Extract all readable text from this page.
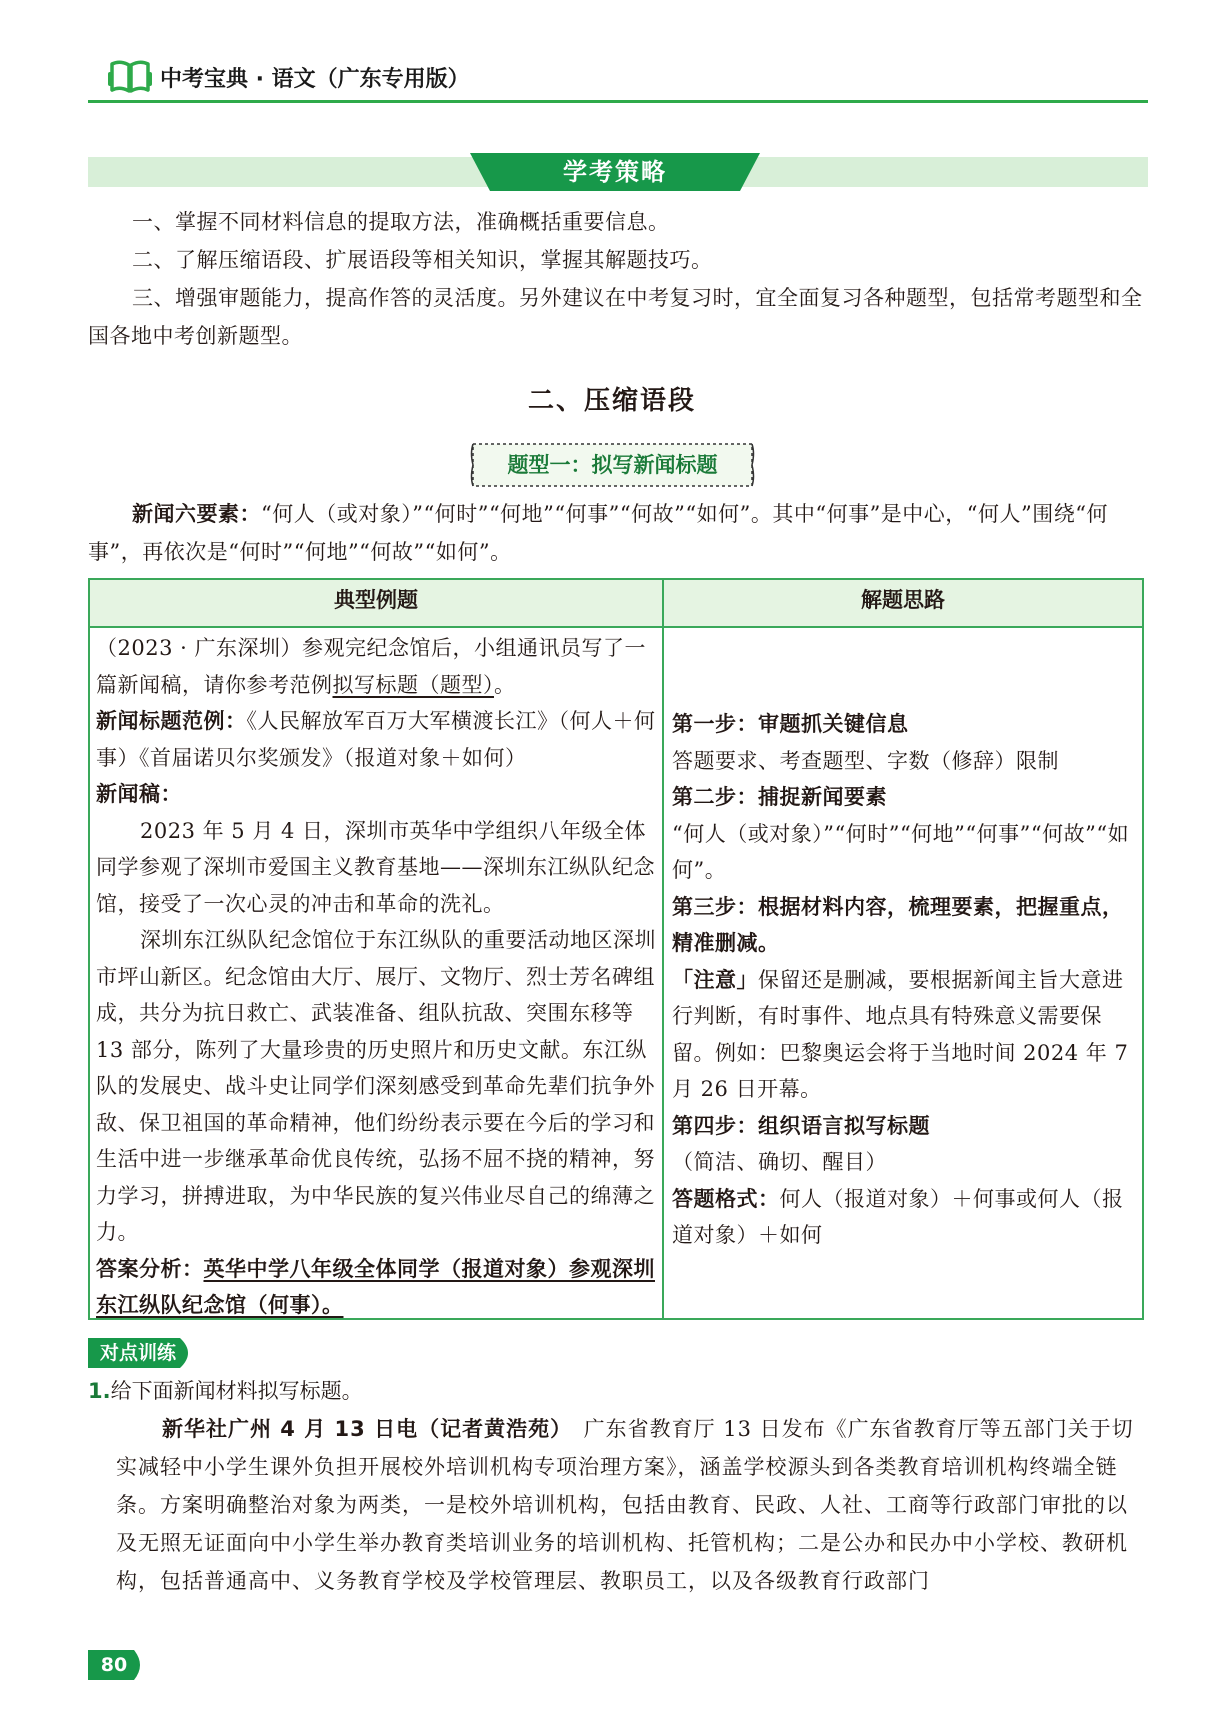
中考宝典 · 语文（广东专用版）
学考策略

一、掌握不同材料信息的提取方法，准确概括重要信息。

二、了解压缩语段、扩展语段等相关知识，掌握其解题技巧。

三、增强审题能力，提高作答的灵活度。另外建议在中考复习时，宜全面复习各种题型，包括常考题型和全国各地中考创新题型。

二、压缩语段
题型一：拟写新闻标题

新闻六要素：“何人（或对象）”“何时”“何地”“何事”“何故”“如何”。其中“何事”是中心，“何人”围绕“何事”，再依次是“何时”“何地”“何故”“如何”。

典型例题	解题思路

（2023 · 广东深圳）参观完纪念馆后，小组通讯员写了一篇新闻稿，请你参考范例拟写标题（题型）。

新闻标题范例：《人民解放军百万大军横渡长江》（何人＋何事）《首届诺贝尔奖颁发》（报道对象＋如何）

新闻稿：

2023 年 5 月 4 日，深圳市英华中学组织八年级全体同学参观了深圳市爱国主义教育基地——深圳东江纵队纪念馆，接受了一次心灵的冲击和革命的洗礼。

深圳东江纵队纪念馆位于东江纵队的重要活动地区深圳市坪山新区。纪念馆由大厅、展厅、文物厅、烈士芳名碑组成，共分为抗日救亡、武装准备、组队抗敌、突围东移等 13 部分，陈列了大量珍贵的历史照片和历史文献。东江纵队的发展史、战斗史让同学们深刻感受到革命先辈们抗争外敌、保卫祖国的革命精神，他们纷纷表示要在今后的学习和生活中进一步继承革命优良传统，弘扬不屈不挠的精神，努力学习，拼搏进取，为中华民族的复兴伟业尽自己的绵薄之力。

答案分析：英华中学八年级全体同学（报道对象）参观深圳东江纵队纪念馆（何事）。

第一步：审题抓关键信息

答题要求、考查题型、字数（修辞）限制

第二步：捕捉新闻要素

“何人（或对象）”“何时”“何地”“何事”“何故”“如何”。

第三步：根据材料内容，梳理要素，把握重点，精准删减。

「注意」保留还是删减，要根据新闻主旨大意进行判断，有时事件、地点具有特殊意义需要保留。例如：巴黎奥运会将于当地时间 2024 年 7 月 26 日开幕。

第四步：组织语言拟写标题（简洁、确切、醒目）

答题格式：何人（报道对象）＋何事或何人（报道对象）＋如何

对点训练

1.给下面新闻材料拟写标题。

新华社广州 4 月 13 日电（记者黄浩苑）　 广东省教育厅 13 日发布《广东省教育厅等五部门关于切实减轻中小学生课外负担开展校外培训机构专项治理方案》，涵盖学校源头到各类教育培训机构终端全链条。方案明确整治对象为两类，一是校外培训机构，包括由教育、民政、人社、工商等行政部门审批的以及无照无证面向中小学生举办教育类培训业务的培训机构、托管机构；二是公办和民办中小学校、教研机构，包括普通高中、义务教育学校及学校管理层、教职员工，以及各级教育行政部门

80
